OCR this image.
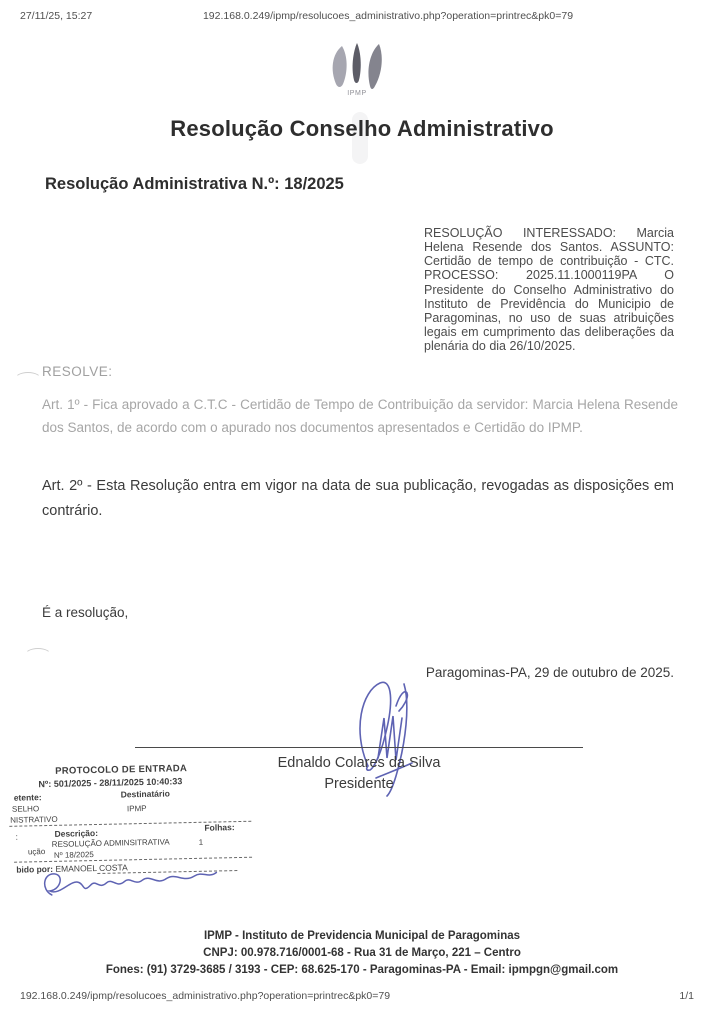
27/11/25, 15:27	192.168.0.249/ipmp/resolucoes_administrativo.php?operation=printrec&pk0=79
IPMP
Resolução Conselho Administrativo
Resolução Administrativa N.º: 18/2025
RESOLUÇÃO INTERESSADO: Marcia Helena Resende dos Santos. ASSUNTO: Certidão de tempo de contribuição - CTC. PROCESSO: 2025.11.1000119PA O Presidente do Conselho Administrativo do Instituto de Previdência do Municipio de Paragominas, no uso de suas atribuições legais em cumprimento das deliberações da plenária do dia 26/10/2025.
RESOLVE:
Art. 1º - Fica aprovado a C.T.C - Certidão de Tempo de Contribuição da servidor: Marcia Helena Resende dos Santos, de acordo com o apurado nos documentos apresentados e Certidão do IPMP.
Art. 2º - Esta Resolução entra em vigor na data de sua publicação, revogadas as disposições em contrário.
É a resolução,
Paragominas-PA, 29 de outubro de 2025.
Ednaldo Colares da Silva
Presidente
PROTOCOLO DE ENTRADA
Nº: 501/2025 - 28/11/2025 10:40:33
etente:	Destinatário
SELHO	IPMP
NISTRATIVO
:	Descrição:
Folhas:
RESOLUÇÃO ADMINSITRATIVA	1
ução Nº 18/2025
bido por: EMANOEL COSTA
IPMP - Instituto de Previdencia Municipal de Paragominas
CNPJ: 00.978.716/0001-68 - Rua 31 de Março, 221 – Centro
Fones: (91) 3729-3685 / 3193 - CEP: 68.625-170 - Paragominas-PA - Email: ipmpgn@gmail.com
192.168.0.249/ipmp/resolucoes_administrativo.php?operation=printrec&pk0=79	1/1
